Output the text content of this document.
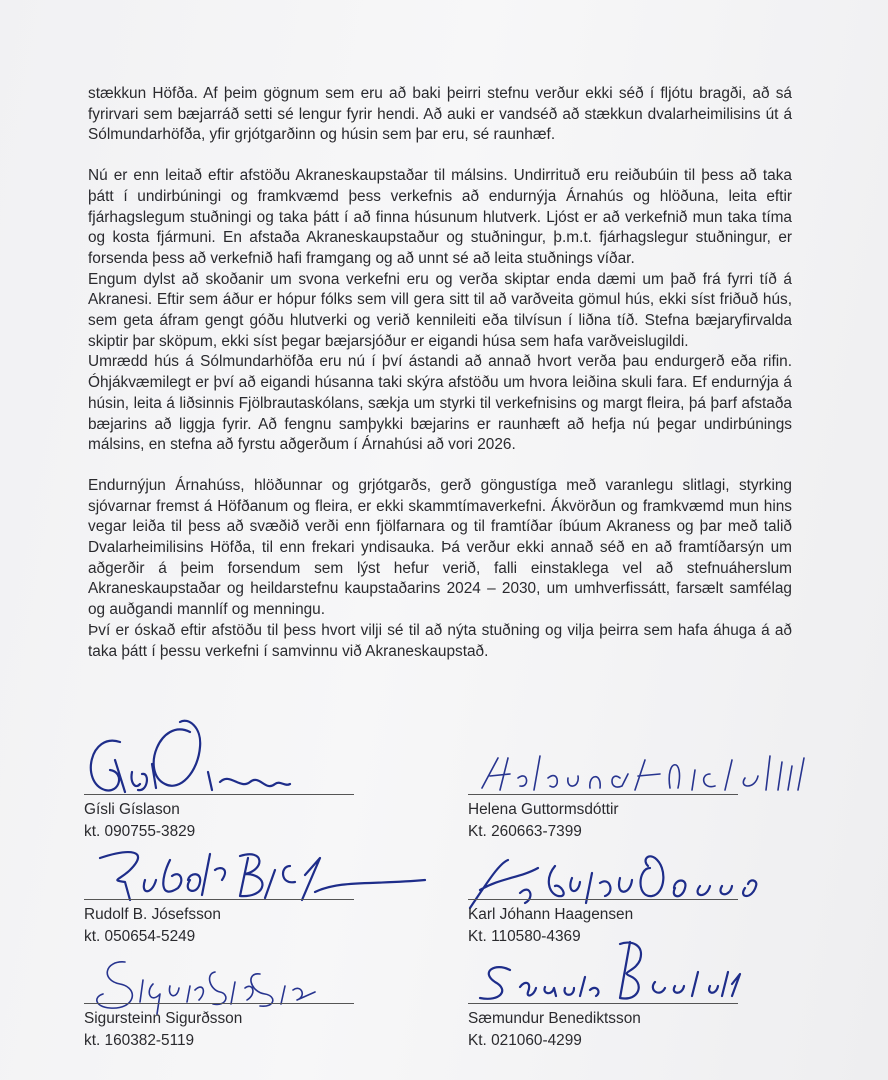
stækkun Höfða. Af þeim gögnum sem eru að baki þeirri stefnu verður ekki séð í fljótu bragði, að sá fyrirvari sem bæjarráð setti sé lengur fyrir hendi. Að auki er vandséð að stækkun dvalarheimilisins út á Sólmundarhöfða, yfir grjótgarðinn og húsin sem þar eru, sé raunhæf.

Nú er enn leitað eftir afstöðu Akraneskaupstaðar til málsins. Undirrituð eru reiðubúin til þess að taka þátt í undirbúningi og framkvæmd þess verkefnis að endurnýja Árnahús og hlöðuna, leita eftir fjárhagslegum stuðningi og taka þátt í að finna húsunum hlutverk. Ljóst er að verkefnið mun taka tíma og kosta fjármuni. En afstaða Akraneskaupstaður og stuðningur, þ.m.t. fjárhagslegur stuðningur, er forsenda þess að verkefnið hafi framgang og að unnt sé að leita stuðnings víðar.

Engum dylst að skoðanir um svona verkefni eru og verða skiptar enda dæmi um það frá fyrri tíð á Akranesi. Eftir sem áður er hópur fólks sem vill gera sitt til að varðveita gömul hús, ekki síst friðuð hús, sem geta áfram gengt góðu hlutverki og verið kennileiti eða tilvísun í liðna tíð. Stefna bæjaryfirvalda skiptir þar sköpum, ekki síst þegar bæjarsjóður er eigandi húsa sem hafa varðveislugildi.

Umrædd hús á Sólmundarhöfða eru nú í því ástandi að annað hvort verða þau endurgerð eða rifin. Óhjákvæmilegt er því að eigandi húsanna taki skýra afstöðu um hvora leiðina skuli fara. Ef endurnýja á húsin, leita á liðsinnis Fjölbrautaskólans, sækja um styrki til verkefnisins og margt fleira, þá þarf afstaða bæjarins að liggja fyrir. Að fengnu samþykki bæjarins er raunhæft að hefja nú þegar undirbúnings málsins, en stefna að fyrstu aðgerðum í Árnahúsi að vori 2026.

Endurnýjun Árnahúss, hlöðunnar og grjótgarðs, gerð göngustíga með varanlegu slitlagi, styrking sjóvarnar fremst á Höfðanum og fleira, er ekki skammtímaverkefni. Ákvörðun og framkvæmd mun hins vegar leiða til þess að svæðið verði enn fjölfarnara og til framtíðar íbúum Akraness og þar með talið Dvalarheimilisins Höfða, til enn frekari yndisauka. Þá verður ekki annað séð en að framtíðarsýn um aðgerðir á þeim forsendum sem lýst hefur verið, falli einstaklega vel að stefnuáherslum Akraneskaupstaðar og heildarstefnu kaupstaðarins 2024 – 2030, um umhverfissátt, farsælt samfélag og auðgandi mannlíf og menningu.

Því er óskað eftir afstöðu til þess hvort vilji sé til að nýta stuðning og vilja þeirra sem hafa áhuga á að taka þátt í þessu verkefni í samvinnu við Akraneskaupstað.

Gísli Gíslason
kt. 090755-3829
Helena Guttormsdóttir
Kt. 260663-7399
Rudolf B. Jósefsson
kt. 050654-5249
Karl Jóhann Haagensen
Kt. 110580-4369
Sigursteinn Sigurðsson
kt. 160382-5119
Sæmundur Benediktsson
Kt. 021060-4299
